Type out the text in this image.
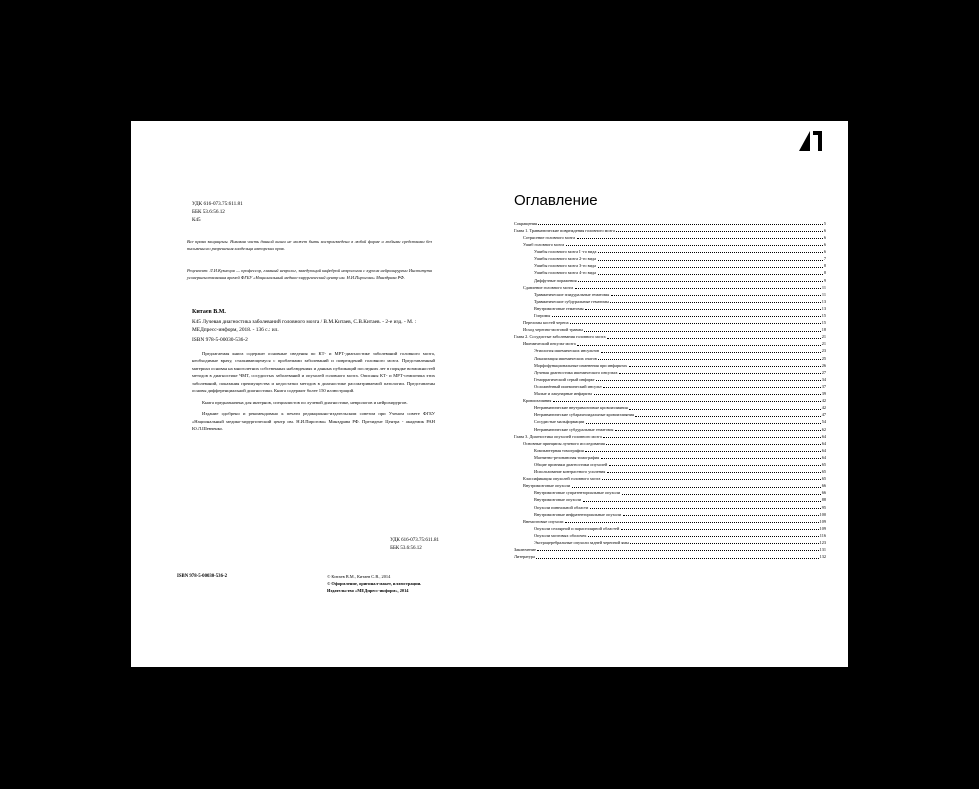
УДК 616-073.75:611.81
ББК 53.6:56.12
К45
Все права защищены. Никакая часть данной книги не может быть воспроизведена в любой форме и любыми средствами без письменного разрешения владельца авторских прав.
Рецензент: Л.И.Кузнецов — профессор, главный невролог, заведующий кафедрой неврологии с курсом нейрохирургии Института усовершенствования врачей ФГБУ «Национальный медико-хирургический центр им. Н.И.Пирогова» Минздрава РФ.
Китаев В.М.
К45 Лучевая диагностика заболеваний головного мозга / В.М.Китаев, С.В.Китаев. - 2-е изд. - М. : МЕДпресс-информ, 2018. - 136 с.: ил.
ISBN 978-5-00030-536-2

Предлагаемая книга содержит основные сведения по КТ- и МРТ-диагностике заболеваний головного мозга, необходимые врачу, сталкивающемуся с проблемами заболеваний и повреждений головного мозга. Представленный материал основан на многолетних собственных наблюдениях и данных публикаций последних лет в порядке возможностей методов в диагностике ЧМТ, сосудистых заболеваний и опухолей головного мозга. Описаны КТ- и МРТ-семиотика этих заболеваний, показания преимущества и недостатки методов в диагностике рассматриваемой патологии. Представлены основы дифференциальной диагностики. Книга содержит более 150 иллюстраций.

Книга предназначена для интернов, специалистов по лучевой диагностике, неврологов и нейрохирургов.

Издание одобрено и рекомендовано к печати редакционно-издательским советом при Ученом совете ФГБУ «Национальный медико-хирургический центр им. Н.И.Пирогова» Минздрава РФ. Президент Центра - академик РАН Ю.Л.Шевченко.

УДК 616-073.75:611.81
ББК 53.6:56.12
ISBN 978-5-00030-536-2	© Китаев В.М., Китаев С.В., 2014
© Оформление, оригинал-макет, иллюстрации.
Издательство «МЕДпресс-информ», 2014
Оглавление
Сокращения	5
Глава 1. Травматические повреждения головного мозга	6
Сотрясение головного мозга	6
Ушиб головного мозга	6
Ушибы головного мозга I -го вида	6
Ушибы головного мозга 2-го вида	7
Ушибы головного мозга 3-го вида	8
Ушибы головного мозга 4-го вида	8
Диффузные поражения	9
Сдавление головного мозга	11
Травматические эпидуральные гематомы	11
Травматические субдуральные гематомы	13
Внутримозговые гематомы	13
Гигромы	15
Переломы костей черепа	15
Исход черепно-мозговой травмы	18
Глава 2. Сосудистые заболевания головного мозга	21
Ишемический инсульт мозга	21
Этиология ишемических инсультов	23
Локализация ишемических очагов	25
Морфофункциональные изменения при инфарктах	26
Лучевая диагностика ишемического инсульта	27
Геморрагический серый инфаркт	34
Осложнённый ишемический инсульт	37
Малые и лакунарные инфаркты	39
Кровоизлияния	42
Нетравматические внутримозговые кровоизлияния	42
Нетравматические субарахноидальные кровоизлияния	47
Сосудистые мальформации	54
Нетравматические субдуральные гематомы	62
Глава 3. Диагностика опухолей головного мозга	64
Основные принципы лучевого исследования	64
Компьютерная томография	64
Магнитно-резонансная томография	64
Общие признаки диагностики опухолей	65
Использование контрастного усиления	65
Классификация опухолей головного мозга	65
Внутримозговые опухоли	66
Внутримозговые супратенториальные опухоли	66
Внутримозговые опухоли	88
Опухоли пинеальной области	95
Внутримозговые инфратенториальные опухоли	100
Внемозговые опухоли	109
Опухоли селлярной и параселлярной областей	109
Опухоли мозговых оболочек	116
Экстрацеребральные опухоли задней черепной ямы	123
Заключение	131
Литература	132
